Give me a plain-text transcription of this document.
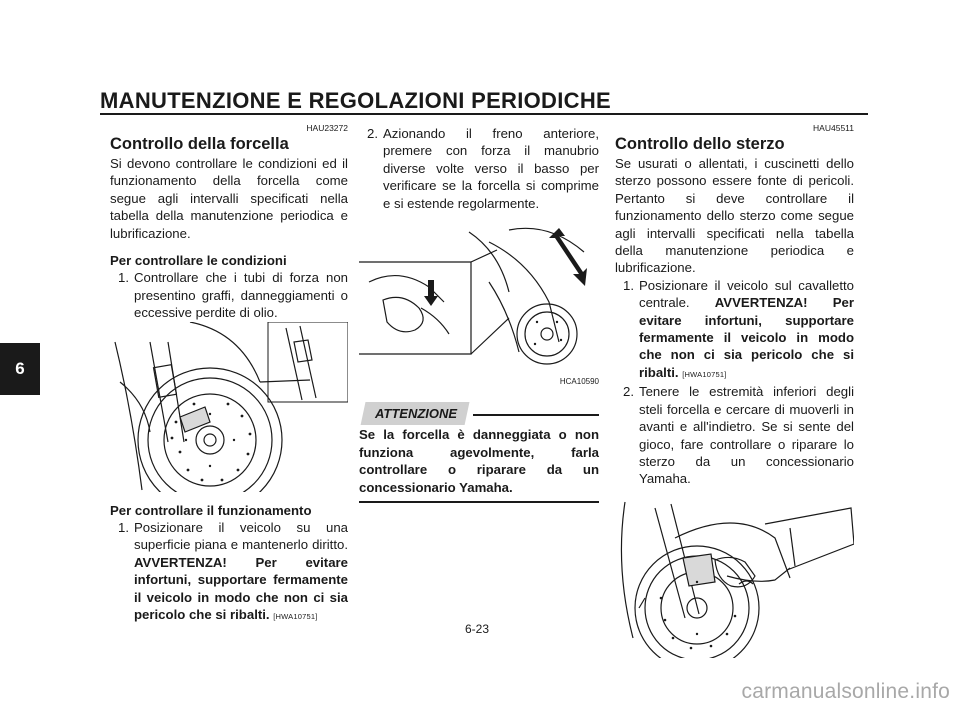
MANUTENZIONE E REGOLAZIONI PERIODICHE
6
HAU23272
Controllo della forcella

Si devono controllare le condizioni ed il funzionamento della forcella come segue agli intervalli specificati nella tabella della manutenzione periodica e lubrificazione.

Per controllare le condizioni
1. Controllare che i tubi di forza non presentino graffi, danneggiamenti o eccessive perdite di olio.
Per controllare il funzionamento
1. Posizionare il veicolo su una superficie piana e mantenerlo diritto. AVVERTENZA! Per evitare infortuni, supportare fermamente il veicolo in modo che non ci sia pericolo che si ribalti. [HWA10751]
2. Azionando il freno anteriore, premere con forza il manubrio diverse volte verso il basso per verificare se la forcella si comprime e si estende regolarmente.
HCA10590
ATTENZIONE

Se la forcella è danneggiata o non funziona agevolmente, farla controllare o riparare da un concessionario Yamaha.

HAU45511
Controllo dello sterzo

Se usurati o allentati, i cuscinetti dello sterzo possono essere fonte di pericoli. Pertanto si deve controllare il funzionamento dello sterzo come segue agli intervalli specificati nella tabella della manutenzione periodica e lubrificazione.

1. Posizionare il veicolo sul cavalletto centrale. AVVERTENZA! Per evitare infortuni, supportare fermamente il veicolo in modo che non ci sia pericolo che si ribalti. [HWA10751]
2. Tenere le estremità inferiori degli steli forcella e cercare di muoverli in avanti e all'indietro. Se si sente del gioco, fare controllare o riparare lo sterzo da un concessionario Yamaha.
6-23
carmanualsonline.info
